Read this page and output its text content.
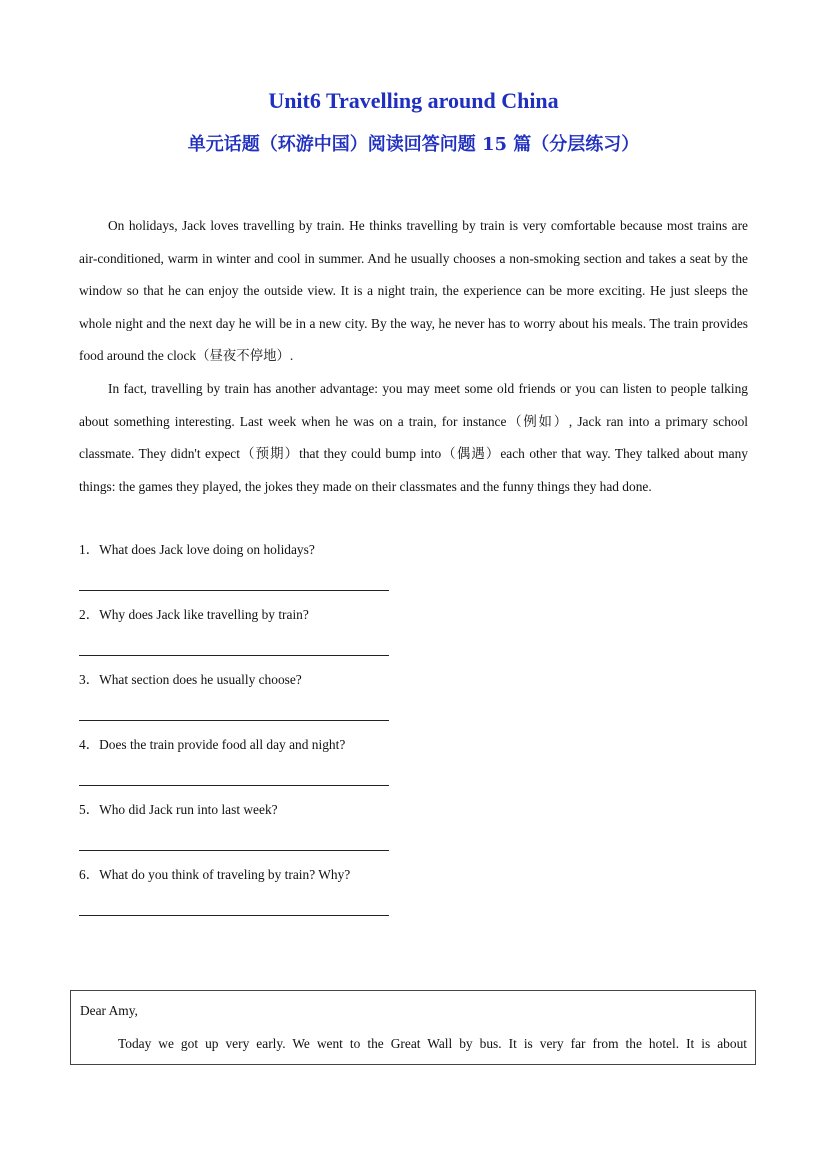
Unit6 Travelling around China
单元话题（环游中国）阅读回答问题 15 篇（分层练习）

On holidays, Jack loves travelling by train. He thinks travelling by train is very comfortable because most trains are air-conditioned, warm in winter and cool in summer. And he usually chooses a non-smoking section and takes a seat by the window so that he can enjoy the outside view. It is a night train, the experience can be more exciting. He just sleeps the whole night and the next day he will be in a new city. By the way, he never has to worry about his meals. The train provides food around the clock（昼夜不停地）.

In fact, travelling by train has another advantage: you may meet some old friends or you can listen to people talking about something interesting. Last week when he was on a train, for instance（例如）, Jack ran into a primary school classmate. They didn't expect（预期）that they could bump into（偶遇）each other that way. They talked about many things: the games they played, the jokes they made on their classmates and the funny things they had done.

1．What does Jack love doing on holidays?
2．Why does Jack like travelling by train?
3．What section does he usually choose?
4．Does the train provide food all day and night?
5．Who did Jack run into last week?
6．What do you think of traveling by train? Why?
Dear Amy,
Today we got up very early. We went to the Great Wall by bus. It is very far from the hotel. It is about
